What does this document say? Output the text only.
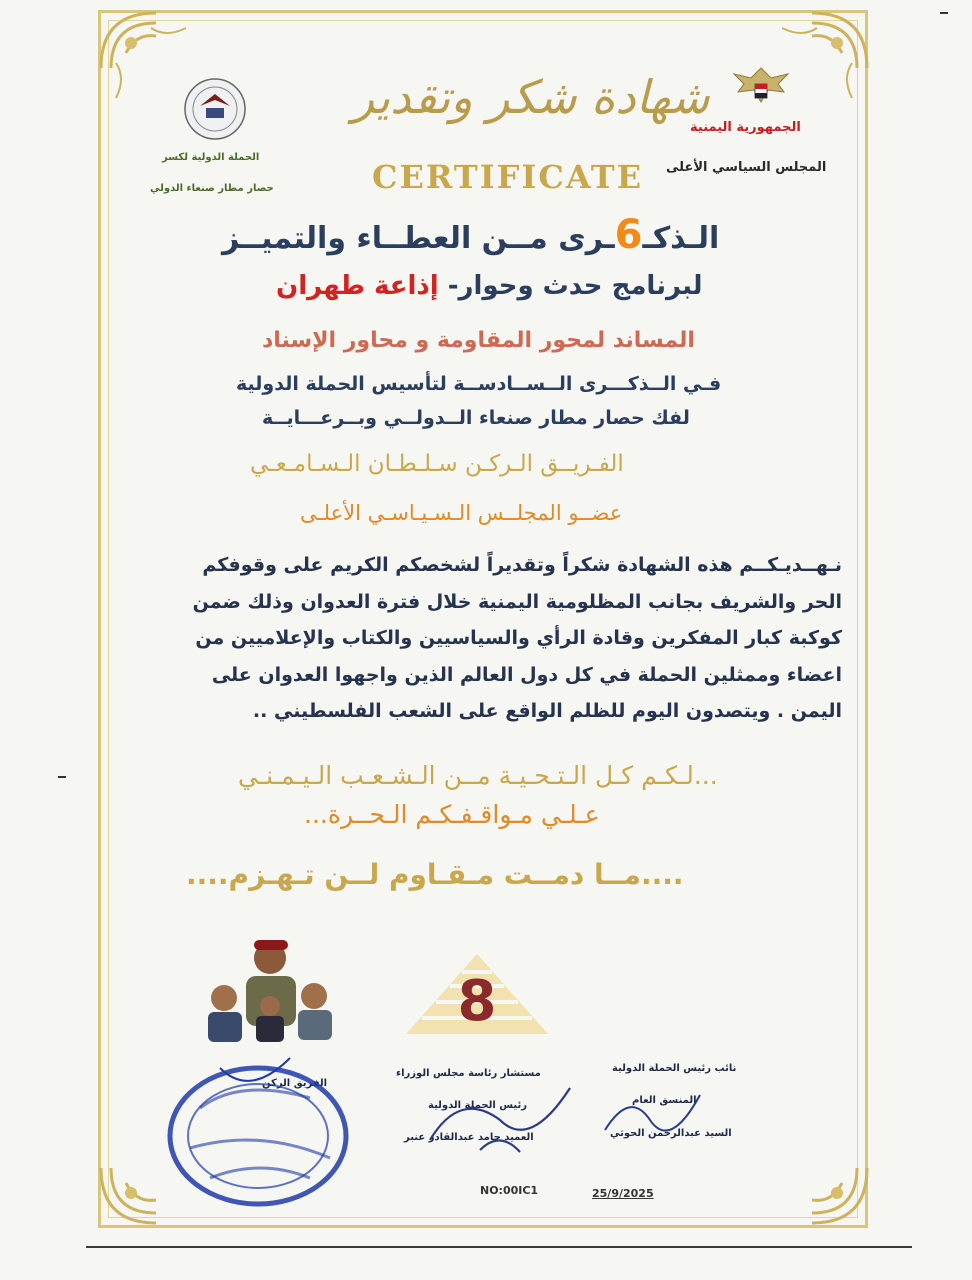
الجمهورية اليمنية
المجلس السياسي الأعلى
الحملة الدولية لكسر
حصار مطار صنعاء الدولي
شهادة شكر وتقدير
CERTIFICATE
الـذكـ6ـرى مــن العطــاء والتميــز
لبرنامج حدث وحوار- إذاعة طهران
المساند لمحور المقاومة و محاور الإسناد
فـي الــذكـــرى الــســادســة لتأسيس الحملة الدولية
لفك حصار مطار صنعاء الــدولــي وبــرعـــايــة
الفـريــق الـركـن سـلـطـان الـسـامـعـي
عضــو المجلــس الـسـيـاسـي الأعلـى

نـهــديـكــم هذه الشهادة شكراً وتقديراً لشخصكم الكريم على وقوفكم

الحر والشريف بجانب المظلومية اليمنية خلال فترة العدوان وذلك ضمن

كوكبة كبار المفكرين وقادة الرأي والسياسيين والكتاب والإعلاميين من

اعضاء وممثلين الحملة في كل دول العالم الذين واجهوا العدوان على

اليمن . ويتصدون اليوم للظلم الواقع على الشعب الفلسطيني ..

...لـكـم كـل الـتـحـيـة مــن الـشـعـب الـيـمـنـي
عـلـي مـواقـفـكـم الـحــرة...
....مــا دمــت مـقـاوم لــن تـهـزم....
8
نائب رئيس الحملة الدولية
المنسق العام
السيد عبدالرحمن الحوثي
مستشار رئاسة مجلس الوزراء
رئيس الحملة الدولية
العميد حامد عبدالقادر عنبر
الفريق الركن
NO:00IC1	25/9/2025
